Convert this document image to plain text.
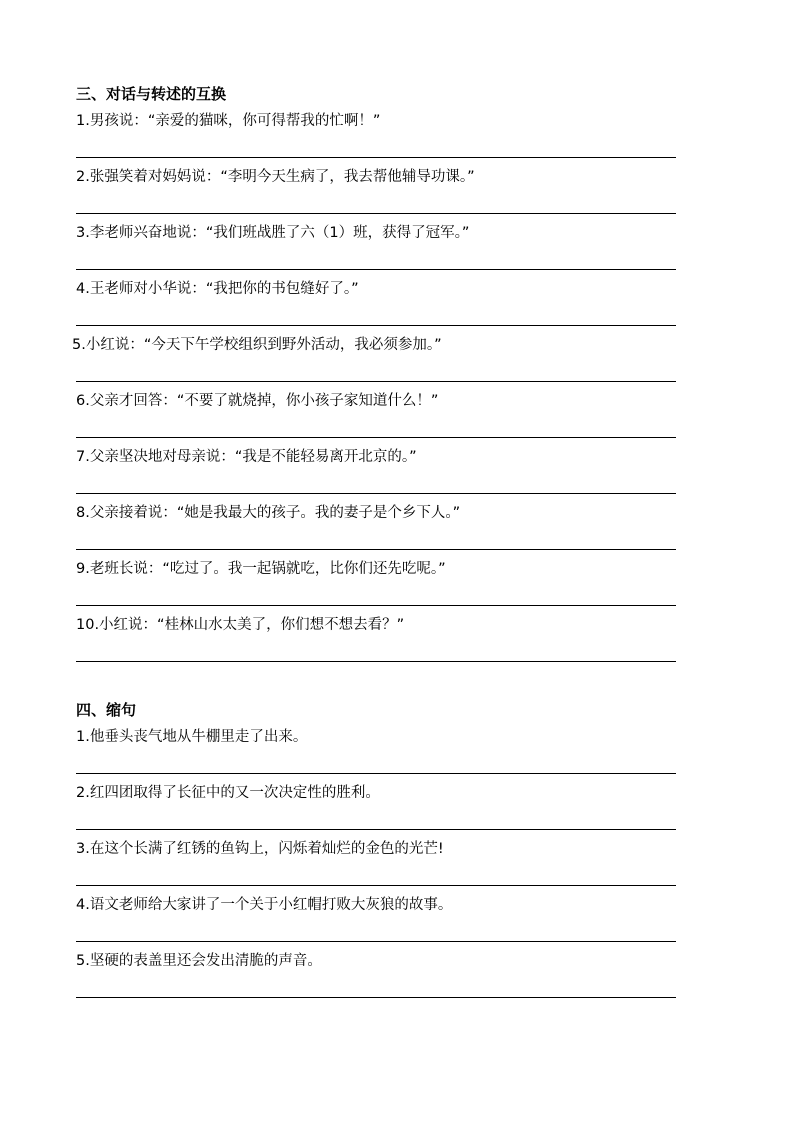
三、对话与转述的互换

1.男孩说：“亲爱的猫咪，你可得帮我的忙啊！”

2.张强笑着对妈妈说：“李明今天生病了，我去帮他辅导功课。”

3.李老师兴奋地说：“我们班战胜了六（1）班，获得了冠军。”

4.王老师对小华说：“我把你的书包缝好了。”

5.小红说：“今天下午学校组织到野外活动，我必须参加。”

6.父亲才回答：“不要了就烧掉，你小孩子家知道什么！”

7.父亲坚决地对母亲说：“我是不能轻易离开北京的。”

8.父亲接着说：“她是我最大的孩子。我的妻子是个乡下人。”

9.老班长说：“吃过了。我一起锅就吃，比你们还先吃呢。”

10.小红说：“桂林山水太美了，你们想不想去看？”

四、缩句

1.他垂头丧气地从牛棚里走了出来。

2.红四团取得了长征中的又一次决定性的胜利。

3.在这个长满了红锈的鱼钩上，闪烁着灿烂的金色的光芒!

4.语文老师给大家讲了一个关于小红帽打败大灰狼的故事。

5.坚硬的表盖里还会发出清脆的声音。
